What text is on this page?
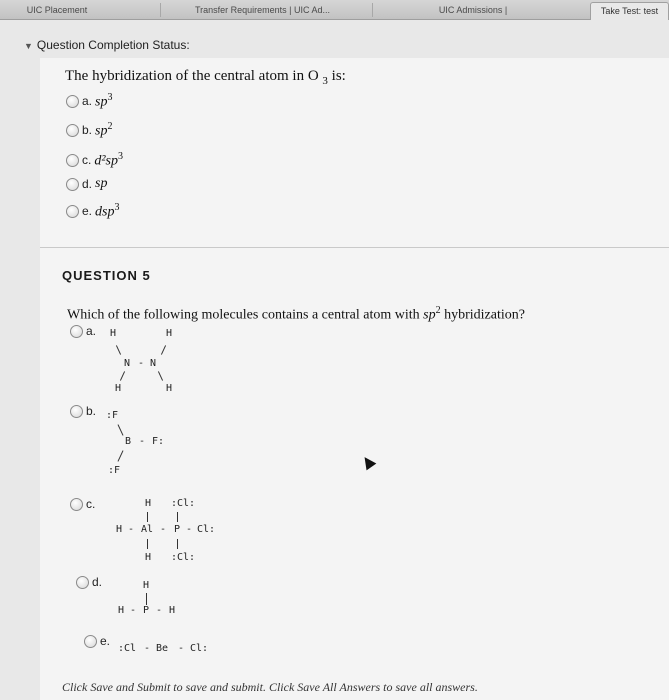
UIC Placement	Transfer Requirements | UIC Ad...	UIC Admissions |	Take Test: test
▼ Question Completion Status:
The hybridization of the central atom in O $_3$ is:
a. $sp^3$
b. $sp^2$
c. $d^2sp^3$
d. sp
e. dsp$^3$
QUESTION 5
Which of the following molecules contains a central atom with $sp^2$ hybridization?
a. H	H
N - N
H	H
b. :F
B - F:
:F
c.	H :Cl:
H - Al - P - Cl:
H :Cl:
d.	H
H - P - H
e.
:Cl - Be - Cl:
Click Save and Submit to save and submit. Click Save All Answers to save all answers.
